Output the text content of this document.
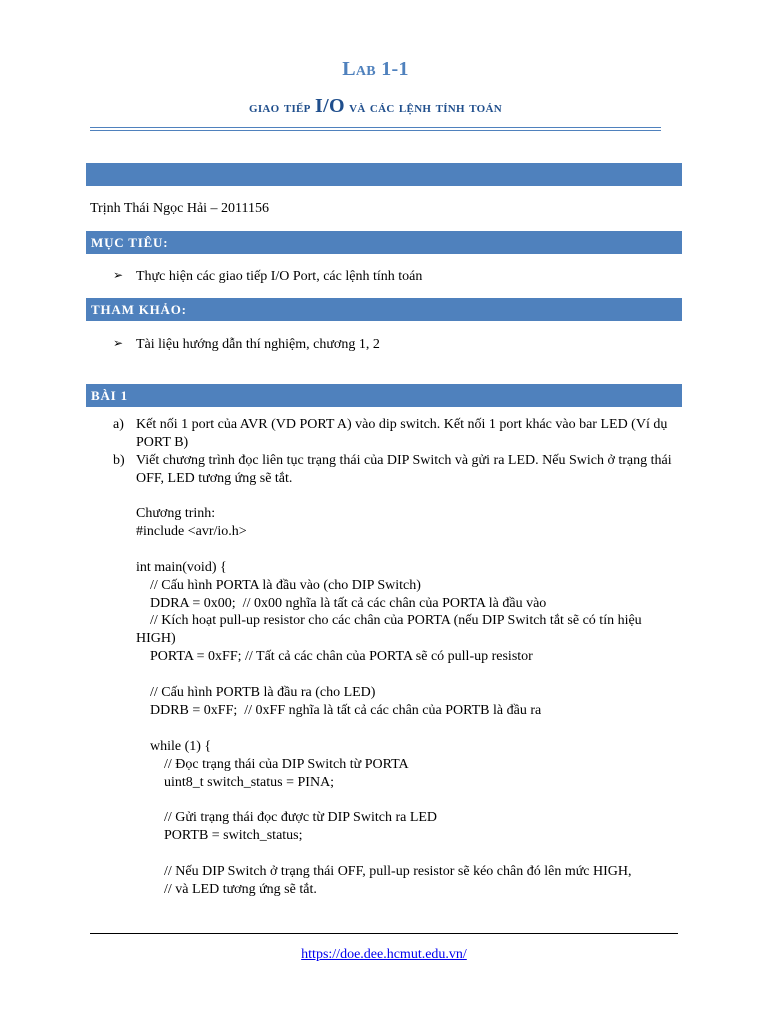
Lab 1-1
giao tiếp I/O và các lệnh tính toán
Trịnh Thái Ngọc Hải – 2011156
MỤC TIÊU:
➢ Thực hiện các giao tiếp I/O Port, các lệnh tính toán
THAM KHẢO:
➢ Tài liệu hướng dẫn thí nghiệm, chương 1, 2
BÀI 1
a) Kết nối 1 port của AVR (VD PORT A) vào dip switch. Kết nối 1 port khác vào bar LED (Ví dụ PORT B)
b) Viết chương trình đọc liên tục trạng thái của DIP Switch và gửi ra LED. Nếu Swich ở trạng thái OFF, LED tương ứng sẽ tắt.
Chương trinh:
#include <avr/io.h>

int main(void) {
// Cấu hình PORTA là đầu vào (cho DIP Switch)
DDRA = 0x00;  // 0x00 nghĩa là tất cả các chân của PORTA là đầu vào
// Kích hoạt pull-up resistor cho các chân của PORTA (nếu DIP Switch tắt sẽ có tín hiệu HIGH)
PORTA = 0xFF; // Tất cả các chân của PORTA sẽ có pull-up resistor

// Cấu hình PORTB là đầu ra (cho LED)
DDRB = 0xFF;  // 0xFF nghĩa là tất cả các chân của PORTB là đầu ra

while (1) {
// Đọc trạng thái của DIP Switch từ PORTA
uint8_t switch_status = PINA;

// Gửi trạng thái đọc được từ DIP Switch ra LED
PORTB = switch_status;

// Nếu DIP Switch ở trạng thái OFF, pull-up resistor sẽ kéo chân đó lên mức HIGH,
// và LED tương ứng sẽ tắt.
https://doe.dee.hcmut.edu.vn/
